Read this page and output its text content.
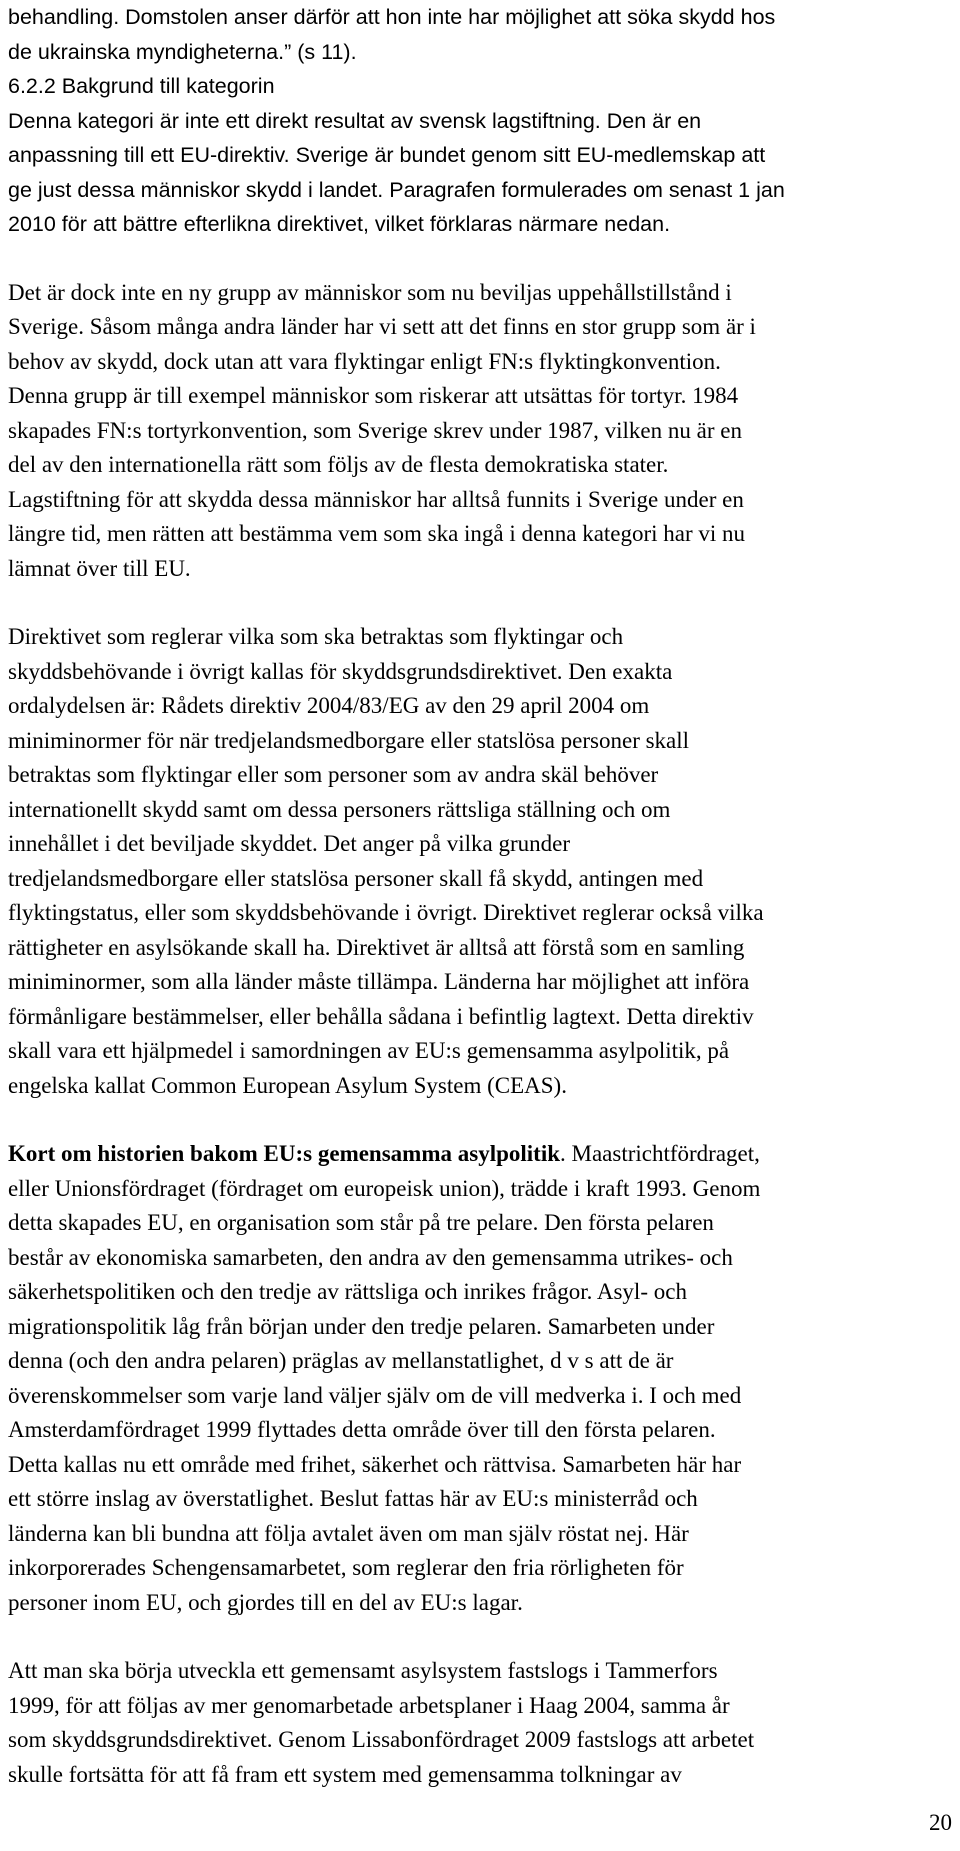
behandling. Domstolen anser därför att hon inte har möjlighet att söka skydd hos
de ukrainska myndigheterna.” (s 11).
6.2.2 Bakgrund till kategorin
Denna kategori är inte ett direkt resultat av svensk lagstiftning. Den är en
anpassning till ett EU-direktiv. Sverige är bundet genom sitt EU-medlemskap att
ge just dessa människor skydd i landet. Paragrafen formulerades om senast 1 jan
2010 för att bättre efterlikna direktivet, vilket förklaras närmare nedan.
Det är dock inte en ny grupp av människor som nu beviljas uppehållstillstånd i
Sverige. Såsom många andra länder har vi sett att det finns en stor grupp som är i
behov av skydd, dock utan att vara flyktingar enligt FN:s flyktingkonvention.
Denna grupp är till exempel människor som riskerar att utsättas för tortyr. 1984
skapades FN:s tortyrkonvention, som Sverige skrev under 1987, vilken nu är en
del av den internationella rätt som följs av de flesta demokratiska stater.
Lagstiftning för att skydda dessa människor har alltså funnits i Sverige under en
längre tid, men rätten att bestämma vem som ska ingå i denna kategori har vi nu
lämnat över till EU.
Direktivet som reglerar vilka som ska betraktas som flyktingar och
skyddsbehövande i övrigt kallas för skyddsgrundsdirektivet. Den exakta
ordalydelsen är: Rådets direktiv 2004/83/EG av den 29 april 2004 om
miniminormer för när tredjelandsmedborgare eller statslösa personer skall
betraktas som flyktingar eller som personer som av andra skäl behöver
internationellt skydd samt om dessa personers rättsliga ställning och om
innehållet i det beviljade skyddet. Det anger på vilka grunder
tredjelandsmedborgare eller statslösa personer skall få skydd, antingen med
flyktingstatus, eller som skyddsbehövande i övrigt. Direktivet reglerar också vilka
rättigheter en asylsökande skall ha. Direktivet är alltså att förstå som en samling
miniminormer, som alla länder måste tillämpa. Länderna har möjlighet att införa
förmånligare bestämmelser, eller behålla sådana i befintlig lagtext. Detta direktiv
skall vara ett hjälpmedel i samordningen av EU:s gemensamma asylpolitik, på
engelska kallat Common European Asylum System (CEAS).
Kort om historien bakom EU:s gemensamma asylpolitik. Maastrichtfördraget,
eller Unionsfördraget (fördraget om europeisk union), trädde i kraft 1993. Genom
detta skapades EU, en organisation som står på tre pelare. Den första pelaren
består av ekonomiska samarbeten, den andra av den gemensamma utrikes- och
säkerhetspolitiken och den tredje av rättsliga och inrikes frågor. Asyl- och
migrationspolitik låg från början under den tredje pelaren. Samarbeten under
denna (och den andra pelaren) präglas av mellanstatlighet, d v s att de är
överenskommelser som varje land väljer själv om de vill medverka i. I och med
Amsterdamfördraget 1999 flyttades detta område över till den första pelaren.
Detta kallas nu ett område med frihet, säkerhet och rättvisa. Samarbeten här har
ett större inslag av överstatlighet. Beslut fattas här av EU:s ministerråd och
länderna kan bli bundna att följa avtalet även om man själv röstat nej. Här
inkorporerades Schengensamarbetet, som reglerar den fria rörligheten för
personer inom EU, och gjordes till en del av EU:s lagar.
Att man ska börja utveckla ett gemensamt asylsystem fastslogs i Tammerfors
1999, för att följas av mer genomarbetade arbetsplaner i Haag 2004, samma år
som skyddsgrundsdirektivet. Genom Lissabonfördraget 2009 fastslogs att arbetet
skulle fortsätta för att få fram ett system med gemensamma tolkningar av
20
